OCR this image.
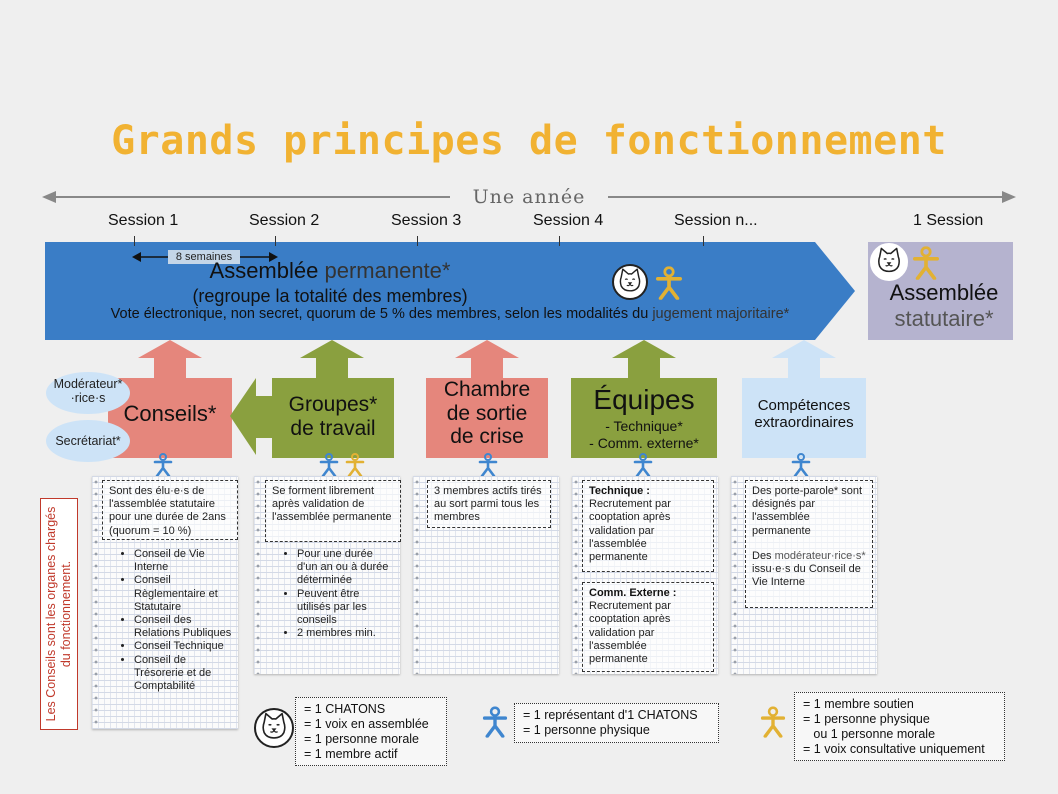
Grands principes de fonctionnement
Une année
Session 1	Session 2	Session 3	Session 4	Session n...	1 Session
8 semaines
Assemblée permanente*
(regroupe la totalité des membres)
Vote électronique, non secret, quorum de 5 % des membres, selon les modalités du jugement majoritaire*
Assemblée
statutaire*
Conseils*
Modérateur*
·rice·s
Secrétariat*
Groupes*
de travail
Chambre
de sortie
de crise
Équipes
- Technique*
- Comm. externe*
Compétences
extraordinaires
Sont des élu·e·s de l'assemblée statutaire pour une durée de 2ans (quorum = 10 %)
• Conseil de Vie Interne
• Conseil Règlementaire et Statutaire
• Conseil des Relations Publiques
• Conseil Technique
• Conseil de Trésorerie et de Comptabilité
Se forment librement après validation de l'assemblée permanente
• Pour une durée d'un an ou à durée déterminée
• Peuvent être utilisés par les conseils
• 2 membres min.
3 membres actifs tirés au sort parmi tous les membres
Technique :
Recrutement par cooptation après validation par l'assemblée permanente
Comm. Externe :
Recrutement par cooptation après validation par l'assemblée permanente
Des porte-parole* sont désignés par l'assemblée permanente
Des modérateur·rice·s* issu·e·s du Conseil de Vie Interne
Les Conseils sont les organes chargés du fonctionnement.
= 1 CHATONS
= 1 voix en assemblée
= 1 personne morale
= 1 membre actif
= 1 représentant d'1 CHATONS
= 1 personne physique
= 1 membre soutien
= 1 personne physique
ou 1 personne morale
= 1 voix consultative uniquement
